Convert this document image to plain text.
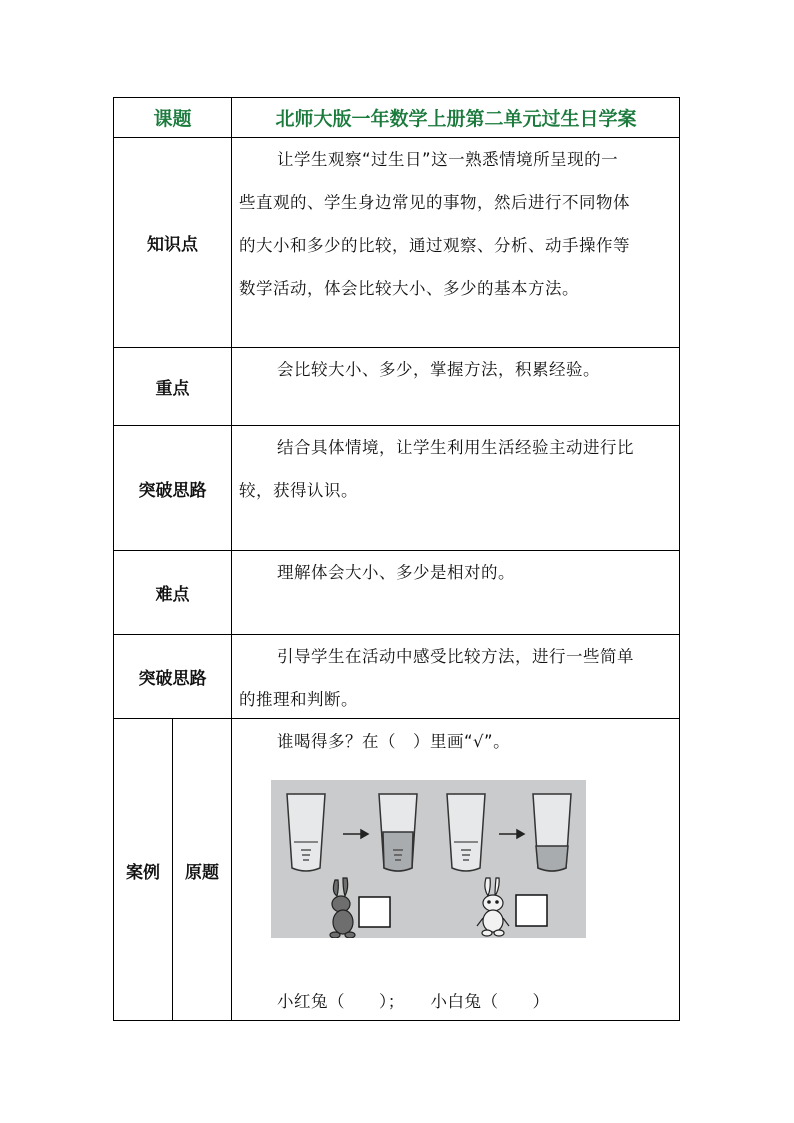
课题	北师大版一年数学上册第二单元过生日学案
知识点

让学生观察“过生日”这一熟悉情境所呈现的一

些直观的、学生身边常见的事物，然后进行不同物体

的大小和多少的比较，通过观察、分析、动手操作等

数学活动，体会比较大小、多少的基本方法。

重点

会比较大小、多少，掌握方法，积累经验。

突破思路

结合具体情境，让学生利用生活经验主动进行比

较，获得认识。

难点

理解体会大小、多少是相对的。

突破思路

引导学生在活动中感受比较方法，进行一些简单

的推理和判断。

案例	原题

谁喝得多？在（　）里画“√”。

小红兔（　　）；　　小白兔（　　）
